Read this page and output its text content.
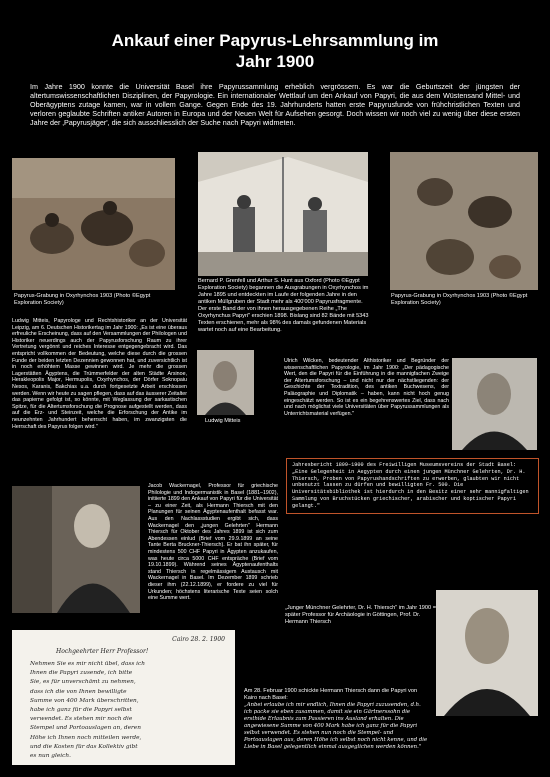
Ankauf einer Papyrus-Lehrsammlung im
Jahr 1900
Im Jahre 1900 konnte die Universität Basel ihre Papyrussammlung erheblich vergrössern. Es war die Geburtszeit der jüngsten der altertumswissenschaftlichen Disziplinen, der Papyrologie. Ein internationaler Wettlauf um den Ankauf von Papyri, die aus dem Wüstensand Mittel- und Oberägyptens zutage kamen, war in vollem Gange. Gegen Ende des 19. Jahrhunderts hatten erste Papyrusfunde von frühchristlichen Texten und verloren geglaubte Schriften antiker Autoren in Europa und der Neuen Welt für Aufsehen gesorgt. Doch wissen wir noch viel zu wenig über diese ersten Jahre der ‚Papyrusjäger', die sich ausschliesslich der Suche nach Papyri widmeten.
Papyrus-Grabung in Oxyrhynchos 1903 (Photo ©Egypt Exploration Society)
Bernard P. Grenfell und Arthur S. Hunt aus Oxford (Photo ©Egypt Exploration Society) begannen die Ausgrabungen in Oxyrhynchos im Jahre 1895 und entdeckten im Laufe der folgenden Jahre in den antiken Müllgruben der Stadt mehr als 400'000 Papyrusfragmente. Der erste Band der von ihnen herausgegebenen Reihe „The Oxyrhynchus Papyri" erschien 1898. Bislang sind 82 Bände mit 5343 Texten erschienen, mehr als 98% des damals gefundenen Materials wartet noch auf eine Bearbeitung.
Papyrus-Grabung in Oxyrhynchos 1903 (Photo ©Egypt Exploration Society)
Ludwig Mitteis, Papyrologe und Rechtshistoriker an der Universität Leipzig, am 6. Deutschen Historikertag im Jahr 1900: „Es ist eine überaus erfreuliche Erscheinung, dass auf den Versammlungen der Philologen und Historiker neuerdings auch der Papyrusforschung Raum zu ihrer Vertretung vergönnt und reiches Interesse entgegengebracht wird. Das entspricht vollkommen der Bedeutung, welche diese durch die grossen Funde der beiden letzten Dezennien gewonnen hat, und zuversichtlich ist in noch erhöhtem Masse gewinnen wird. Je mehr die grossen Lagerstätten Ägyptens, die Trümmerfelder der alten Städte Arsinoe, Herakleopolis Major, Hermupolis, Oxyrhynchos, der Dörfer Soknopaiu Nesos, Karanis, Bakchias u.a. durch fortgesetzte Arbeit erschlossen werden. Wenn wir heute zu sagen pflegen, dass auf das äusserer Zeitalter das papierne gefolgt ist, so könnte, mit Weglassung der sarkastischen Spitze, für die Altertumsforschung die Prognose aufgestellt werden, dass auf die Erz- und Steinzeit, welche die Erforschung der Antike im neunzehnten Jahrhundert beherrscht haben, im zwanzigsten die Herrschaft des Papyrus folgen wird."
Ludwig Mitteis
Ulrich Wilcken, bedeutender Althistoriker und Begründer der wissenschaftlichen Papyrologie, im Jahr 1900: „Der pädagogische Wert, den die Papyri für die Einführung in die mannigfachen Zweige der Altertumsforschung – und nicht nur der nächstliegenden: der Geschichte der Textradition, des antiken Buchwesens, der Paläographie und Diplomatik – haben, kann nicht hoch genug eingeschätzt werden. So ist es ein begehrenswertes Ziel, dass nach und nach möglichst viele Universitäten über Papyrussammlungen als Unterrichtsmaterial verfügen."
Jahresbericht 1899–1900 des Freiwilligen Museumsvereins der Stadt Basel: „Eine Gelegenheit in Aegypten durch einen jungen Münchner Gelehrten, Dr. H. Thiersch, Proben von Papyrushandschriften zu erwerben, glaubten wir nicht unbenutzt lassen zu dürfen und bewilligten Fr. 500. Die Universitätsbibliothek ist hierdurch in den Besitz einer sehr mannigfaltigen Sammlung von Bruchstücken griechischer, arabischer und koptischer Papyri gelangt."
Jacob Wackernagel, Professor für griechische Philologie und Indogermanistik in Basel (1881–1902), initiierte 1899 den Ankauf von Papyri für die Universität – zu einer Zeit, als Hermann Thiersch mit den Planungen für seinen Ägyptenaufenthalt befasst war. Aus den Nachlassstudien ergibt sich, dass Wackernagel den „jungen Gelehrten" Hermann Thiersch für Oktober des Jahres 1899 ist sich zum Abendessen einlud (Brief vom 29.9.1899 an seine Tante Berta Bruckner-Thiersch). Er bat ihn später, für mindestens 500 CHF Papyri in Ägypten anzukaufen, was heute circa 5000 CHF entspräche (Brief vom 19.10.1899). Während seines Ägyptenaufenthalts stand Thiersch in regelmässigem Austausch mit Wackernagel in Basel. Im Dezember 1899 schrieb dieser ihm (22.12.1899), er fordere zu viel für Urkunden; höchstens literarische Texte seien solch eine Summe wert.
„Junger Münchner Gelehrter, Dr. H. Thiersch" im Jahr 1900 = später Professor für Archäologie in Göttingen, Prof. Dr. Hermann Thiersch
Cairo 28. 2. 1900
Hochgeehrter Herr Professor!
Nehmen Sie es mir nicht übel, dass ich
Ihnen die Papyri zusende, ich bitte
Sie, es für unverschämt zu nehmen,
dass ich die von Ihnen bewilligte
Summe von 400 Mark überschritten,
habe ich ganz für die Papyri selbst
verwendet. Es stehen mir noch die
Stempel und Portoauslagen an, deren
Höhe ich Ihnen noch mitteilen werde,
und die Kosten für das Kollektiv gibt
es nun gleich.
Am 28. Februar 1900 schickte Hermann Thiersch dann die Papyri von Kairo nach Basel:
„Anbei erlaube ich mir endlich, Ihnen die Papyri zuzusenden, d.h. ich packe sie eben zusammen, damit sie ein Gärtnerssohn die ersthide Erlaubnis zum Passieren ins Ausland erhalten. Die angewiesene Summe von 400 Mark habe ich ganz für die Papyri selbst verwendet. Es stehen nun noch die Stempel- und Portoauslagen aus, deren Höhe ich selbst noch nicht kenne, und die Liebe in Basel gelegentlich einmal ausgeglichen werden können."
